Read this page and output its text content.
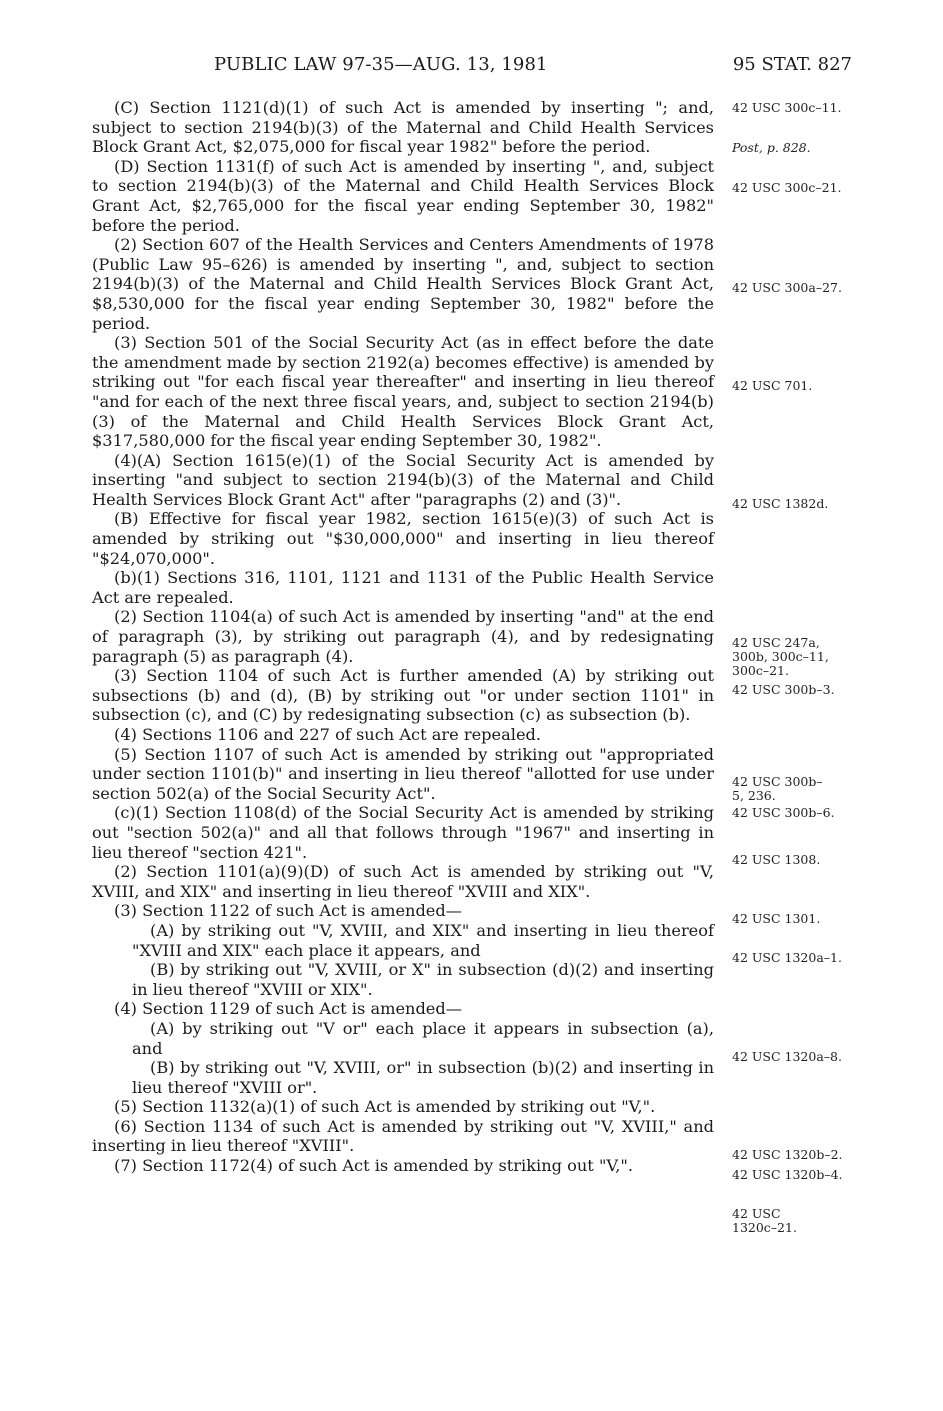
PUBLIC LAW 97-35—AUG. 13, 1981	95 STAT. 827
(C) Section 1121(d)(1) of such Act is amended by inserting "; and, subject to section 2194(b)(3) of the Maternal and Child Health Services Block Grant Act, $2,075,000 for fiscal year 1982" before the period.
(D) Section 1131(f) of such Act is amended by inserting ", and, subject to section 2194(b)(3) of the Maternal and Child Health Services Block Grant Act, $2,765,000 for the fiscal year ending September 30, 1982" before the period.
(2) Section 607 of the Health Services and Centers Amendments of 1978 (Public Law 95–626) is amended by inserting ", and, subject to section 2194(b)(3) of the Maternal and Child Health Services Block Grant Act, $8,530,000 for the fiscal year ending September 30, 1982" before the period.
(3) Section 501 of the Social Security Act (as in effect before the date the amendment made by section 2192(a) becomes effective) is amended by striking out "for each fiscal year thereafter" and inserting in lieu thereof "and for each of the next three fiscal years, and, subject to section 2194(b)(3) of the Maternal and Child Health Services Block Grant Act, $317,580,000 for the fiscal year ending September 30, 1982".
(4)(A) Section 1615(e)(1) of the Social Security Act is amended by inserting "and subject to section 2194(b)(3) of the Maternal and Child Health Services Block Grant Act" after "paragraphs (2) and (3)".
(B) Effective for fiscal year 1982, section 1615(e)(3) of such Act is amended by striking out "$30,000,000" and inserting in lieu thereof "$24,070,000".
(b)(1) Sections 316, 1101, 1121 and 1131 of the Public Health Service Act are repealed.
(2) Section 1104(a) of such Act is amended by inserting "and" at the end of paragraph (3), by striking out paragraph (4), and by redesignating paragraph (5) as paragraph (4).
(3) Section 1104 of such Act is further amended (A) by striking out subsections (b) and (d), (B) by striking out "or under section 1101" in subsection (c), and (C) by redesignating subsection (c) as subsection (b).
(4) Sections 1106 and 227 of such Act are repealed.
(5) Section 1107 of such Act is amended by striking out "appropriated under section 1101(b)" and inserting in lieu thereof "allotted for use under section 502(a) of the Social Security Act".
(c)(1) Section 1108(d) of the Social Security Act is amended by striking out "section 502(a)" and all that follows through "1967" and inserting in lieu thereof "section 421".
(2) Section 1101(a)(9)(D) of such Act is amended by striking out "V, XVIII, and XIX" and inserting in lieu thereof "XVIII and XIX".
(3) Section 1122 of such Act is amended—
(A) by striking out "V, XVIII, and XIX" and inserting in lieu thereof "XVIII and XIX" each place it appears, and
(B) by striking out "V, XVIII, or X" in subsection (d)(2) and inserting in lieu thereof "XVIII or XIX".
(4) Section 1129 of such Act is amended—
(A) by striking out "V or" each place it appears in subsection (a), and
(B) by striking out "V, XVIII, or" in subsection (b)(2) and inserting in lieu thereof "XVIII or".
(5) Section 1132(a)(1) of such Act is amended by striking out "V,".
(6) Section 1134 of such Act is amended by striking out "V, XVIII," and inserting in lieu thereof "XVIII".
(7) Section 1172(4) of such Act is amended by striking out "V,".
42 USC 300c–11.
Post, p. 828.
42 USC 300c–21.
42 USC 300a–27.
42 USC 701.
42 USC 1382d.
42 USC 247a, 300b, 300c–11, 300c–21.
42 USC 300b–3.
42 USC 300b–5, 236.
42 USC 300b–6.
42 USC 1308.
42 USC 1301.
42 USC 1320a–1.
42 USC 1320a–8.
42 USC 1320b–2.
42 USC 1320b–4.
42 USC 1320c–21.
